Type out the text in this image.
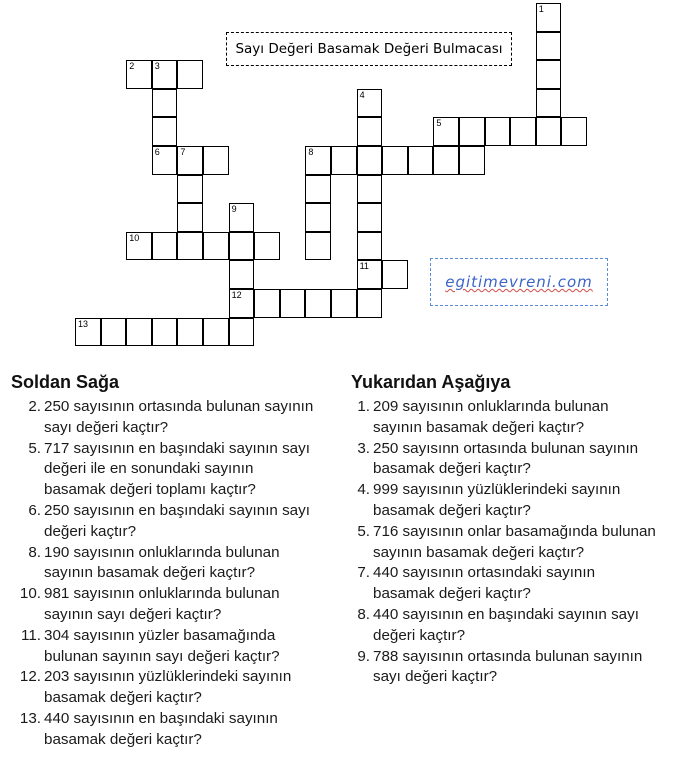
Sayı Değeri Basamak Değeri Bulmacası
2 3
5
6 7	8
10
11
12
13
1
4
9
egitimevreni.com
Soldan Sağa
2. 250 sayısının ortasında bulunan sayının
sayı değeri kaçtır?
5. 717 sayısının en başındaki sayının sayı
değeri ile en sonundaki sayının
basamak değeri toplamı kaçtır?
6. 250 sayısının en başındaki sayının sayı
değeri kaçtır?
8. 190 sayısının onluklarında bulunan
sayının basamak değeri kaçtır?
10. 981 sayısının onluklarında bulunan
sayının sayı değeri kaçtır?
11. 304 sayısının yüzler basamağında
bulunan sayının sayı değeri kaçtır?
12. 203 sayısının yüzlüklerindeki sayının
basamak değeri kaçtır?
13. 440 sayısının en başındaki sayının
basamak değeri kaçtır?
Yukarıdan Aşağıya
1. 209 sayısının onluklarında bulunan
sayının basamak değeri kaçtır?
3. 250 sayısınn ortasında bulunan sayının
basamak değeri kaçtır?
4. 999 sayısının yüzlüklerindeki sayının
basamak değeri kaçtır?
5. 716 sayısının onlar basamağında bulunan
sayının basamak değeri kaçtır?
7. 440 sayısının ortasındaki sayının
basamak değeri kaçtır?
8. 440 sayısının en başındaki sayının sayı
değeri kaçtır?
9. 788 sayısının ortasında bulunan sayının
sayı değeri kaçtır?
